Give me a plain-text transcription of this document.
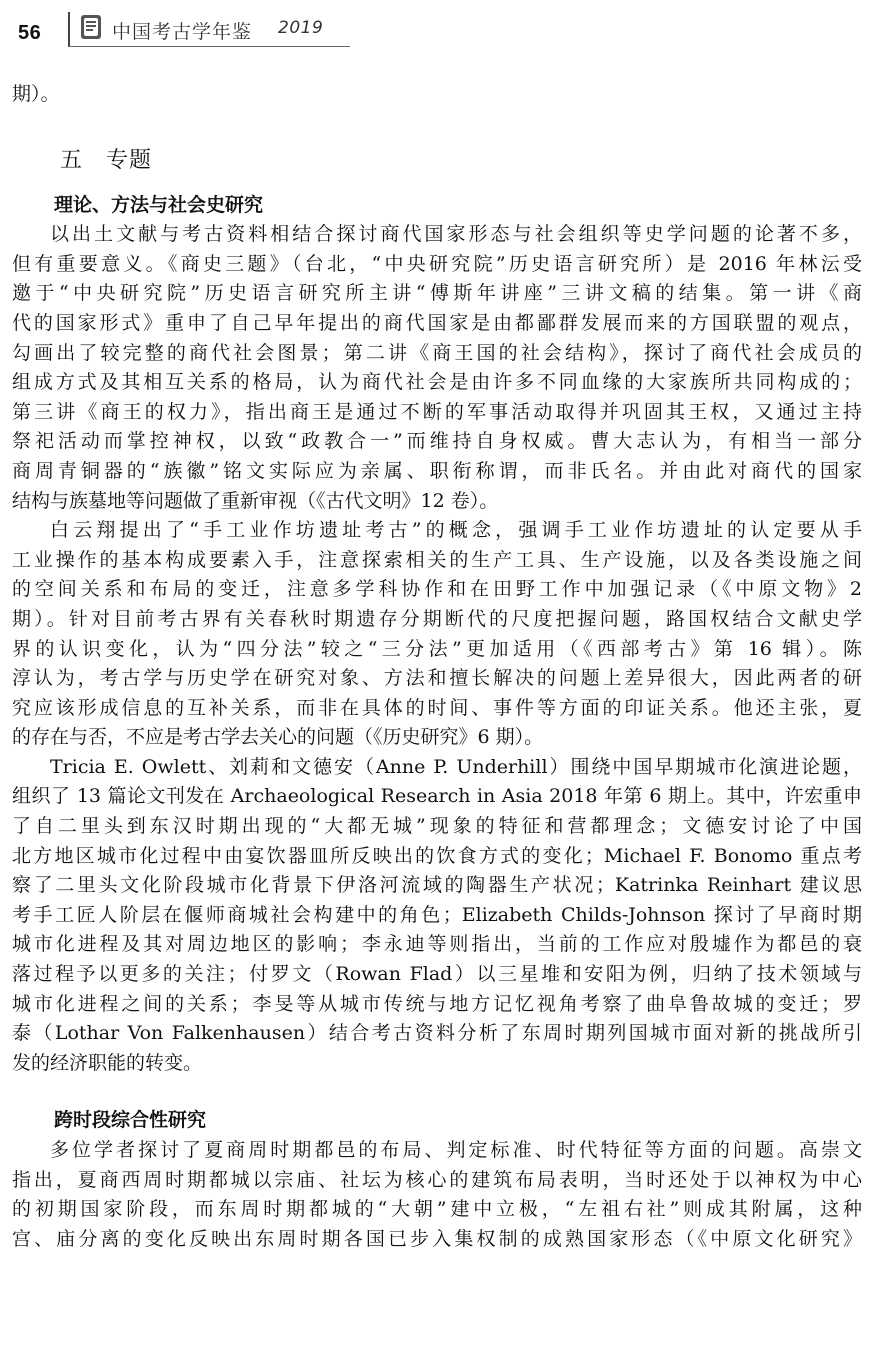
56	中国考古学年鉴 2019
期）。
五　专题
理论、方法与社会史研究
以出土文献与考古资料相结合探讨商代国家形态与社会组织等史学问题的论著不多，
但有重要意义。《商史三题》（台北，“中央研究院”历史语言研究所）是 2016 年林沄受
邀于“中央研究院”历史语言研究所主讲“傅斯年讲座”三讲文稿的结集。第一讲《商
代的国家形式》重申了自己早年提出的商代国家是由都鄙群发展而来的方国联盟的观点，
勾画出了较完整的商代社会图景；第二讲《商王国的社会结构》，探讨了商代社会成员的
组成方式及其相互关系的格局，认为商代社会是由许多不同血缘的大家族所共同构成的；
第三讲《商王的权力》，指出商王是通过不断的军事活动取得并巩固其王权，又通过主持
祭祀活动而掌控神权，以致“政教合一”而维持自身权威。曹大志认为，有相当一部分
商周青铜器的“族徽”铭文实际应为亲属、职衔称谓，而非氏名。并由此对商代的国家
结构与族墓地等问题做了重新审视（《古代文明》12 卷）。
白云翔提出了“手工业作坊遗址考古”的概念，强调手工业作坊遗址的认定要从手
工业操作的基本构成要素入手，注意探索相关的生产工具、生产设施，以及各类设施之间
的空间关系和布局的变迁，注意多学科协作和在田野工作中加强记录（《中原文物》2
期）。针对目前考古界有关春秋时期遗存分期断代的尺度把握问题，路国权结合文献史学
界的认识变化，认为“四分法”较之“三分法”更加适用（《西部考古》第 16 辑）。陈
淳认为，考古学与历史学在研究对象、方法和擅长解决的问题上差异很大，因此两者的研
究应该形成信息的互补关系，而非在具体的时间、事件等方面的印证关系。他还主张，夏
的存在与否，不应是考古学去关心的问题（《历史研究》6 期）。
Tricia E. Owlett、刘莉和文德安（Anne P. Underhill）围绕中国早期城市化演进论题，
组织了 13 篇论文刊发在 Archaeological Research in Asia 2018 年第 6 期上。其中，许宏重申
了自二里头到东汉时期出现的“大都无城”现象的特征和营都理念；文德安讨论了中国
北方地区城市化过程中由宴饮器皿所反映出的饮食方式的变化；Michael F. Bonomo 重点考
察了二里头文化阶段城市化背景下伊洛河流域的陶器生产状况；Katrinka Reinhart 建议思
考手工匠人阶层在偃师商城社会构建中的角色；Elizabeth Childs-Johnson 探讨了早商时期
城市化进程及其对周边地区的影响；李永迪等则指出，当前的工作应对殷墟作为都邑的衰
落过程予以更多的关注；付罗文（Rowan Flad）以三星堆和安阳为例，归纳了技术领域与
城市化进程之间的关系；李旻等从城市传统与地方记忆视角考察了曲阜鲁故城的变迁；罗
泰（Lothar Von Falkenhausen）结合考古资料分析了东周时期列国城市面对新的挑战所引
发的经济职能的转变。
跨时段综合性研究
多位学者探讨了夏商周时期都邑的布局、判定标准、时代特征等方面的问题。高崇文
指出，夏商西周时期都城以宗庙、社坛为核心的建筑布局表明，当时还处于以神权为中心
的初期国家阶段，而东周时期都城的“大朝”建中立极，“左祖右社”则成其附属，这种
宫、庙分离的变化反映出东周时期各国已步入集权制的成熟国家形态（《中原文化研究》
